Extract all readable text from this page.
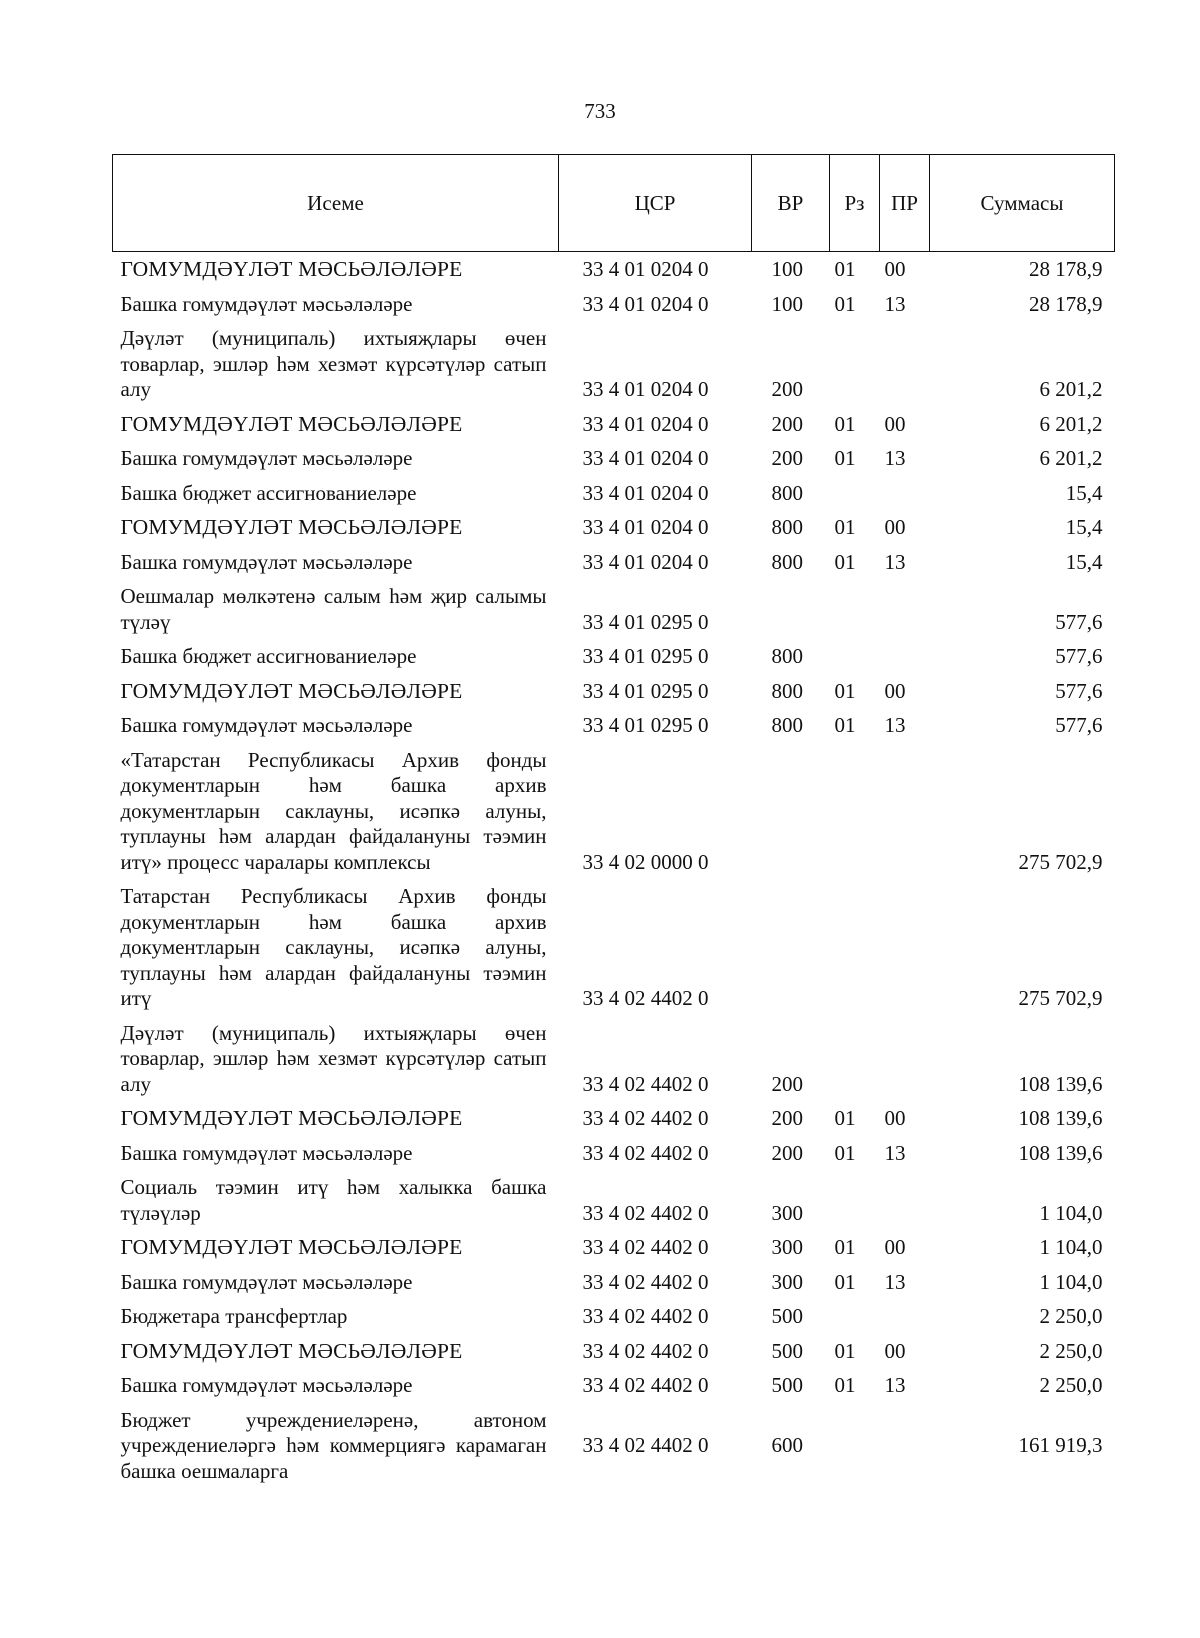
733
Исеме	ЦСР	ВР	Рз	ПР	Суммасы
ГОМУМДӘҮЛӘТ МӘСЬӘЛӘЛӘРЕ	33 4 01 0204 0	100	01	00	28 178,9
Башка гомумдәүләт мәсьәләләре	33 4 01 0204 0	100	01	13	28 178,9
Дәүләт (муниципаль) ихтыяҗлары өчен товарлар, эшләр һәм хезмәт күрсәтүләр сатып алу	33 4 01 0204 0	200			6 201,2
ГОМУМДӘҮЛӘТ МӘСЬӘЛӘЛӘРЕ	33 4 01 0204 0	200	01	00	6 201,2
Башка гомумдәүләт мәсьәләләре	33 4 01 0204 0	200	01	13	6 201,2
Башка бюджет ассигнованиеләре	33 4 01 0204 0	800			15,4
ГОМУМДӘҮЛӘТ МӘСЬӘЛӘЛӘРЕ	33 4 01 0204 0	800	01	00	15,4
Башка гомумдәүләт мәсьәләләре	33 4 01 0204 0	800	01	13	15,4
Оешмалар мөлкәтенә салым һәм җир салымы түләү	33 4 01 0295 0				577,6
Башка бюджет ассигнованиеләре	33 4 01 0295 0	800			577,6
ГОМУМДӘҮЛӘТ МӘСЬӘЛӘЛӘРЕ	33 4 01 0295 0	800	01	00	577,6
Башка гомумдәүләт мәсьәләләре	33 4 01 0295 0	800	01	13	577,6
«Татарстан Республикасы Архив фонды документларын һәм башка архив документларын саклауны, исәпкә алуны, туплауны һәм алардан файдалануны тәэмин итү» процесс чаралары комплексы	33 4 02 0000 0				275 702,9
Татарстан Республикасы Архив фонды документларын һәм башка архив документларын саклауны, исәпкә алуны, туплауны һәм алардан файдалануны тәэмин итү	33 4 02 4402 0				275 702,9
Дәүләт (муниципаль) ихтыяҗлары өчен товарлар, эшләр һәм хезмәт күрсәтүләр сатып алу	33 4 02 4402 0	200			108 139,6
ГОМУМДӘҮЛӘТ МӘСЬӘЛӘЛӘРЕ	33 4 02 4402 0	200	01	00	108 139,6
Башка гомумдәүләт мәсьәләләре	33 4 02 4402 0	200	01	13	108 139,6
Социаль тәэмин итү һәм халыкка башка түләүләр	33 4 02 4402 0	300			1 104,0
ГОМУМДӘҮЛӘТ МӘСЬӘЛӘЛӘРЕ	33 4 02 4402 0	300	01	00	1 104,0
Башка гомумдәүләт мәсьәләләре	33 4 02 4402 0	300	01	13	1 104,0
Бюджетара трансфертлар	33 4 02 4402 0	500			2 250,0
ГОМУМДӘҮЛӘТ МӘСЬӘЛӘЛӘРЕ	33 4 02 4402 0	500	01	00	2 250,0
Башка гомумдәүләт мәсьәләләре	33 4 02 4402 0	500	01	13	2 250,0
Бюджет учреждениеләренә, автоном учреждениеләргә һәм коммерциягә карамаган башка оешмаларга	33 4 02 4402 0	600			161 919,3
